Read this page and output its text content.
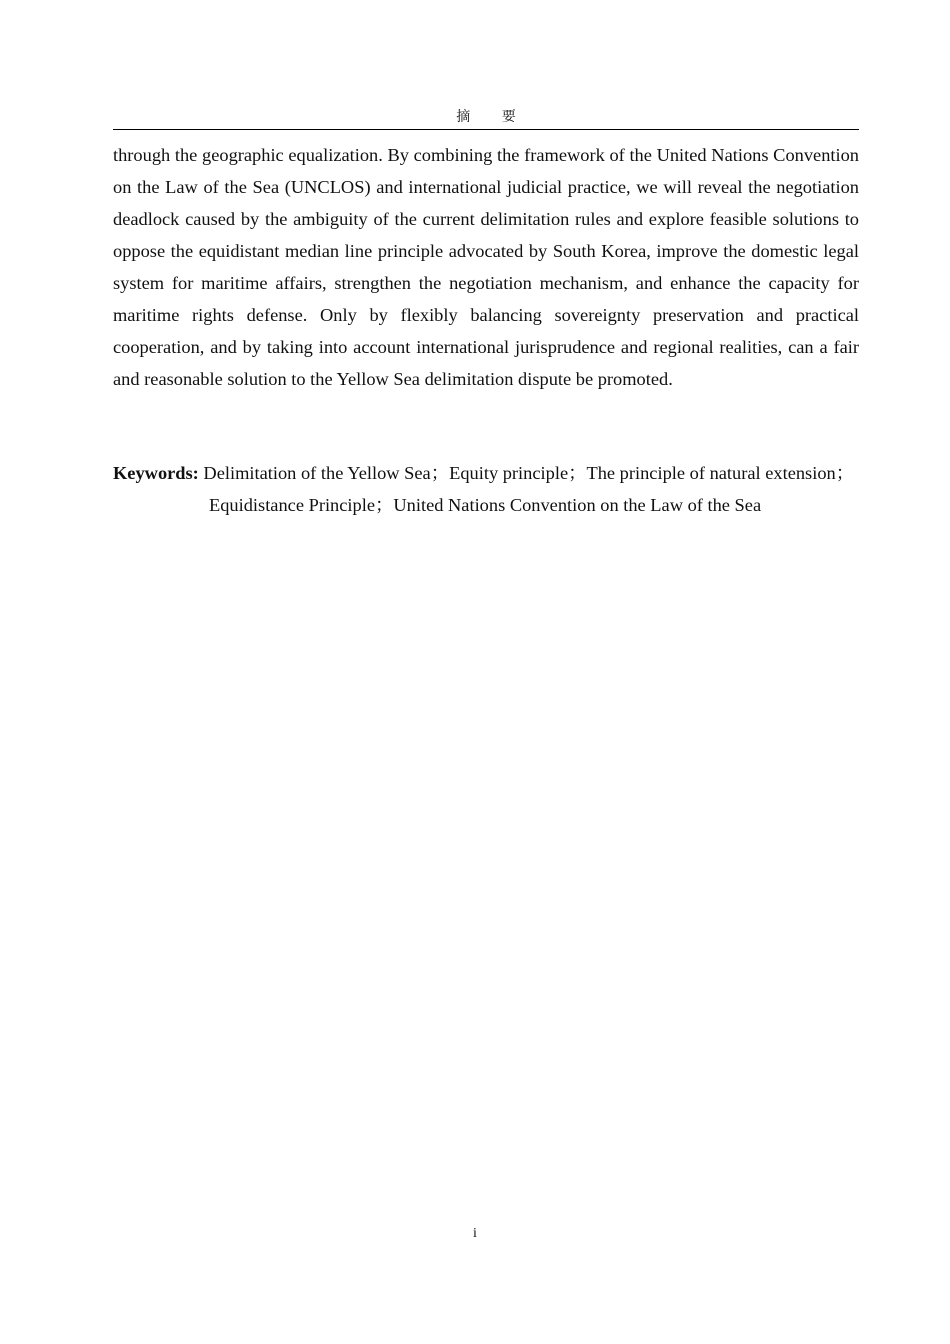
摘 要

through the geographic equalization. By combining the framework of the United Nations Convention on the Law of the Sea (UNCLOS) and international judicial practice, we will reveal the negotiation deadlock caused by the ambiguity of the current delimitation rules and explore feasible solutions to oppose the equidistant median line principle advocated by South Korea, improve the domestic legal system for maritime affairs, strengthen the negotiation mechanism, and enhance the capacity for maritime rights defense. Only by flexibly balancing sovereignty preservation and practical cooperation, and by taking into account international jurisprudence and regional realities, can a fair and reasonable solution to the Yellow Sea delimitation dispute be promoted.

Keywords: Delimitation of the Yellow Sea；Equity principle；The principle of natural extension；
Equidistance Principle；United Nations Convention on the Law of the Sea
i
